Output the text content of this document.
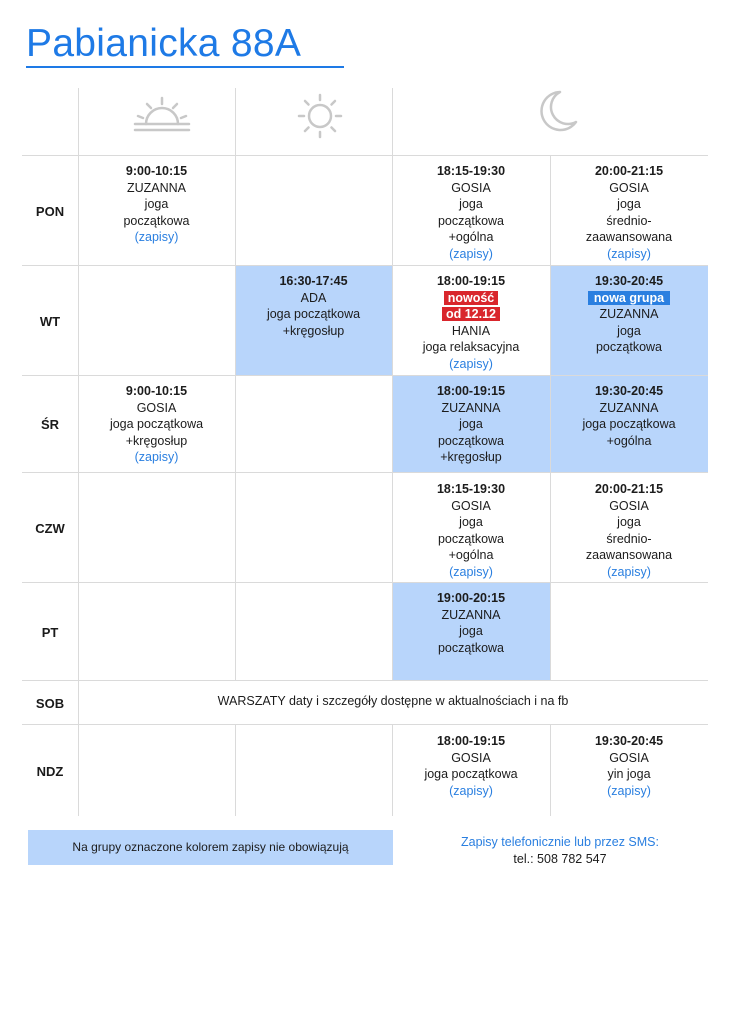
Pabianicka 88A
PON
WT
ŚR
CZW
PT
SOB
NDZ
9:00-10:15
ZUZANNA
joga
początkowa
(zapisy)
18:15-19:30
GOSIA
joga
początkowa
+ogólna
(zapisy)
20:00-21:15
GOSIA
joga
średnio-
zaawansowana
(zapisy)
16:30-17:45
ADA
joga początkowa
+kręgosłup
18:00-19:15
nowość
od 12.12
HANIA
joga relaksacyjna
(zapisy)
19:30-20:45
nowa grupa
ZUZANNA
joga
początkowa
9:00-10:15
GOSIA
joga początkowa
+kręgosłup
(zapisy)
18:00-19:15
ZUZANNA
joga
początkowa
+kręgosłup
19:30-20:45
ZUZANNA
joga początkowa
+ogólna
18:15-19:30
GOSIA
joga
początkowa
+ogólna
(zapisy)
20:00-21:15
GOSIA
joga
średnio-
zaawansowana
(zapisy)
19:00-20:15
ZUZANNA
joga
początkowa
18:00-19:15
GOSIA
joga początkowa
(zapisy)
19:30-20:45
GOSIA
yin joga
(zapisy)
WARSZATY daty i szczegóły dostępne w aktualnościach i na fb
Na grupy oznaczone kolorem zapisy nie obowiązują	Zapisy telefonicznie lub przez SMS:
tel.: 508 782 547
